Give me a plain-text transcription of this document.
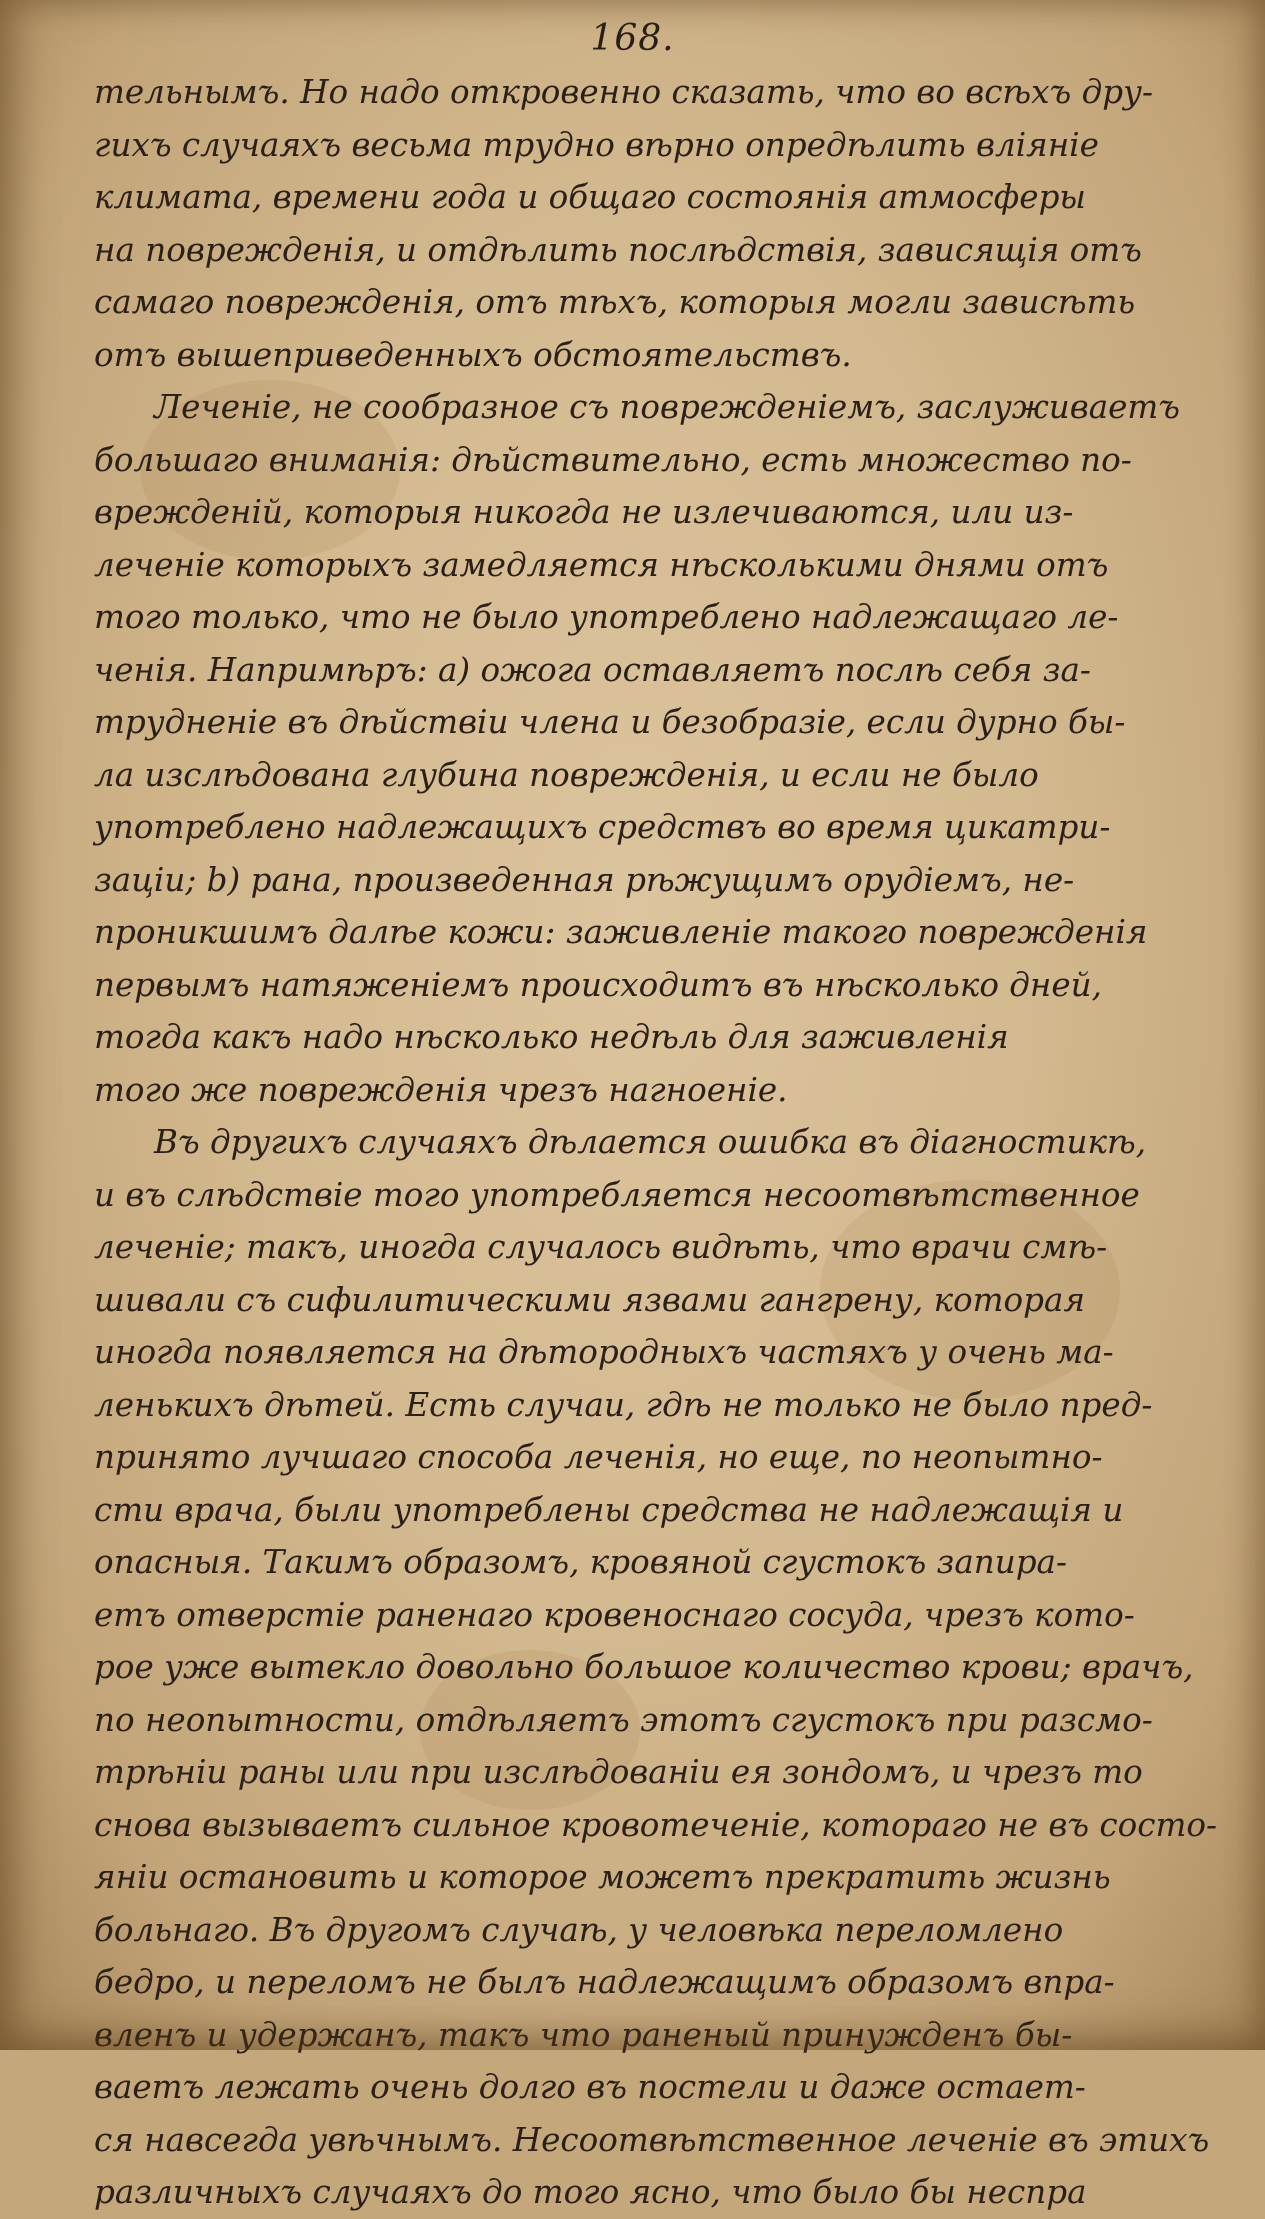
168.
тельнымъ. Но надо откровенно сказать, что во всѣхъ дру-
гихъ случаяхъ весьма трудно вѣрно опредѣлить вліяніе
климата, времени года и общаго состоянія атмосферы
на поврежденія, и отдѣлить послѣдствія, зависящія отъ
самаго поврежденія, отъ тѣхъ, которыя могли зависѣть
отъ вышеприведенныхъ обстоятельствъ.
Леченіе, не сообразное съ поврежденіемъ, заслуживаетъ
большаго вниманія: дѣйствительно, есть множество по-
врежденій, которыя никогда не излечиваются, или из-
леченіе которыхъ замедляется нѣсколькими днями отъ
того только, что не было употреблено надлежащаго ле-
ченія. Напримѣръ: а) ожога оставляетъ послѣ себя за-
трудненіе въ дѣйствіи члена и безобразіе, если дурно бы-
ла изслѣдована глубина поврежденія, и если не было
употреблено надлежащихъ средствъ во время цикатри-
заціи; b) рана, произведенная рѣжущимъ орудіемъ, не-
проникшимъ далѣе кожи: заживленіе такого поврежденія
первымъ натяженіемъ происходитъ въ нѣсколько дней,
тогда какъ надо нѣсколько недѣль для заживленія
того же поврежденія чрезъ нагноеніе.
Въ другихъ случаяхъ дѣлается ошибка въ діагностикѣ,
и въ слѣдствіе того употребляется несоотвѣтственное
леченіе; такъ, иногда случалось видѣть, что врачи смѣ-
шивали съ сифилитическими язвами гангрену, которая
иногда появляется на дѣтородныхъ частяхъ у очень ма-
ленькихъ дѣтей. Есть случаи, гдѣ не только не было пред-
принято лучшаго способа леченія, но еще, по неопытно-
сти врача, были употреблены средства не надлежащія и
опасныя. Такимъ образомъ, кровяной сгустокъ запира-
етъ отверстіе раненаго кровеноснаго сосуда, чрезъ кото-
рое уже вытекло довольно большое количество крови; врачъ,
по неопытности, отдѣляетъ этотъ сгустокъ при разсмо-
трѣніи раны или при изслѣдованіи ея зондомъ, и чрезъ то
снова вызываетъ сильное кровотеченіе, котораго не въ состо-
яніи остановить и которое можетъ прекратить жизнь
больнаго. Въ другомъ случаѣ, у человѣка переломлено
бедро, и переломъ не былъ надлежащимъ образомъ впра-
вленъ и удержанъ, такъ что раненый принужденъ бы-
ваетъ лежать очень долго въ постели и даже остает-
ся навсегда увѣчнымъ. Несоотвѣтственное леченіе въ этихъ
различныхъ случаяхъ до того ясно, что было бы неспра
